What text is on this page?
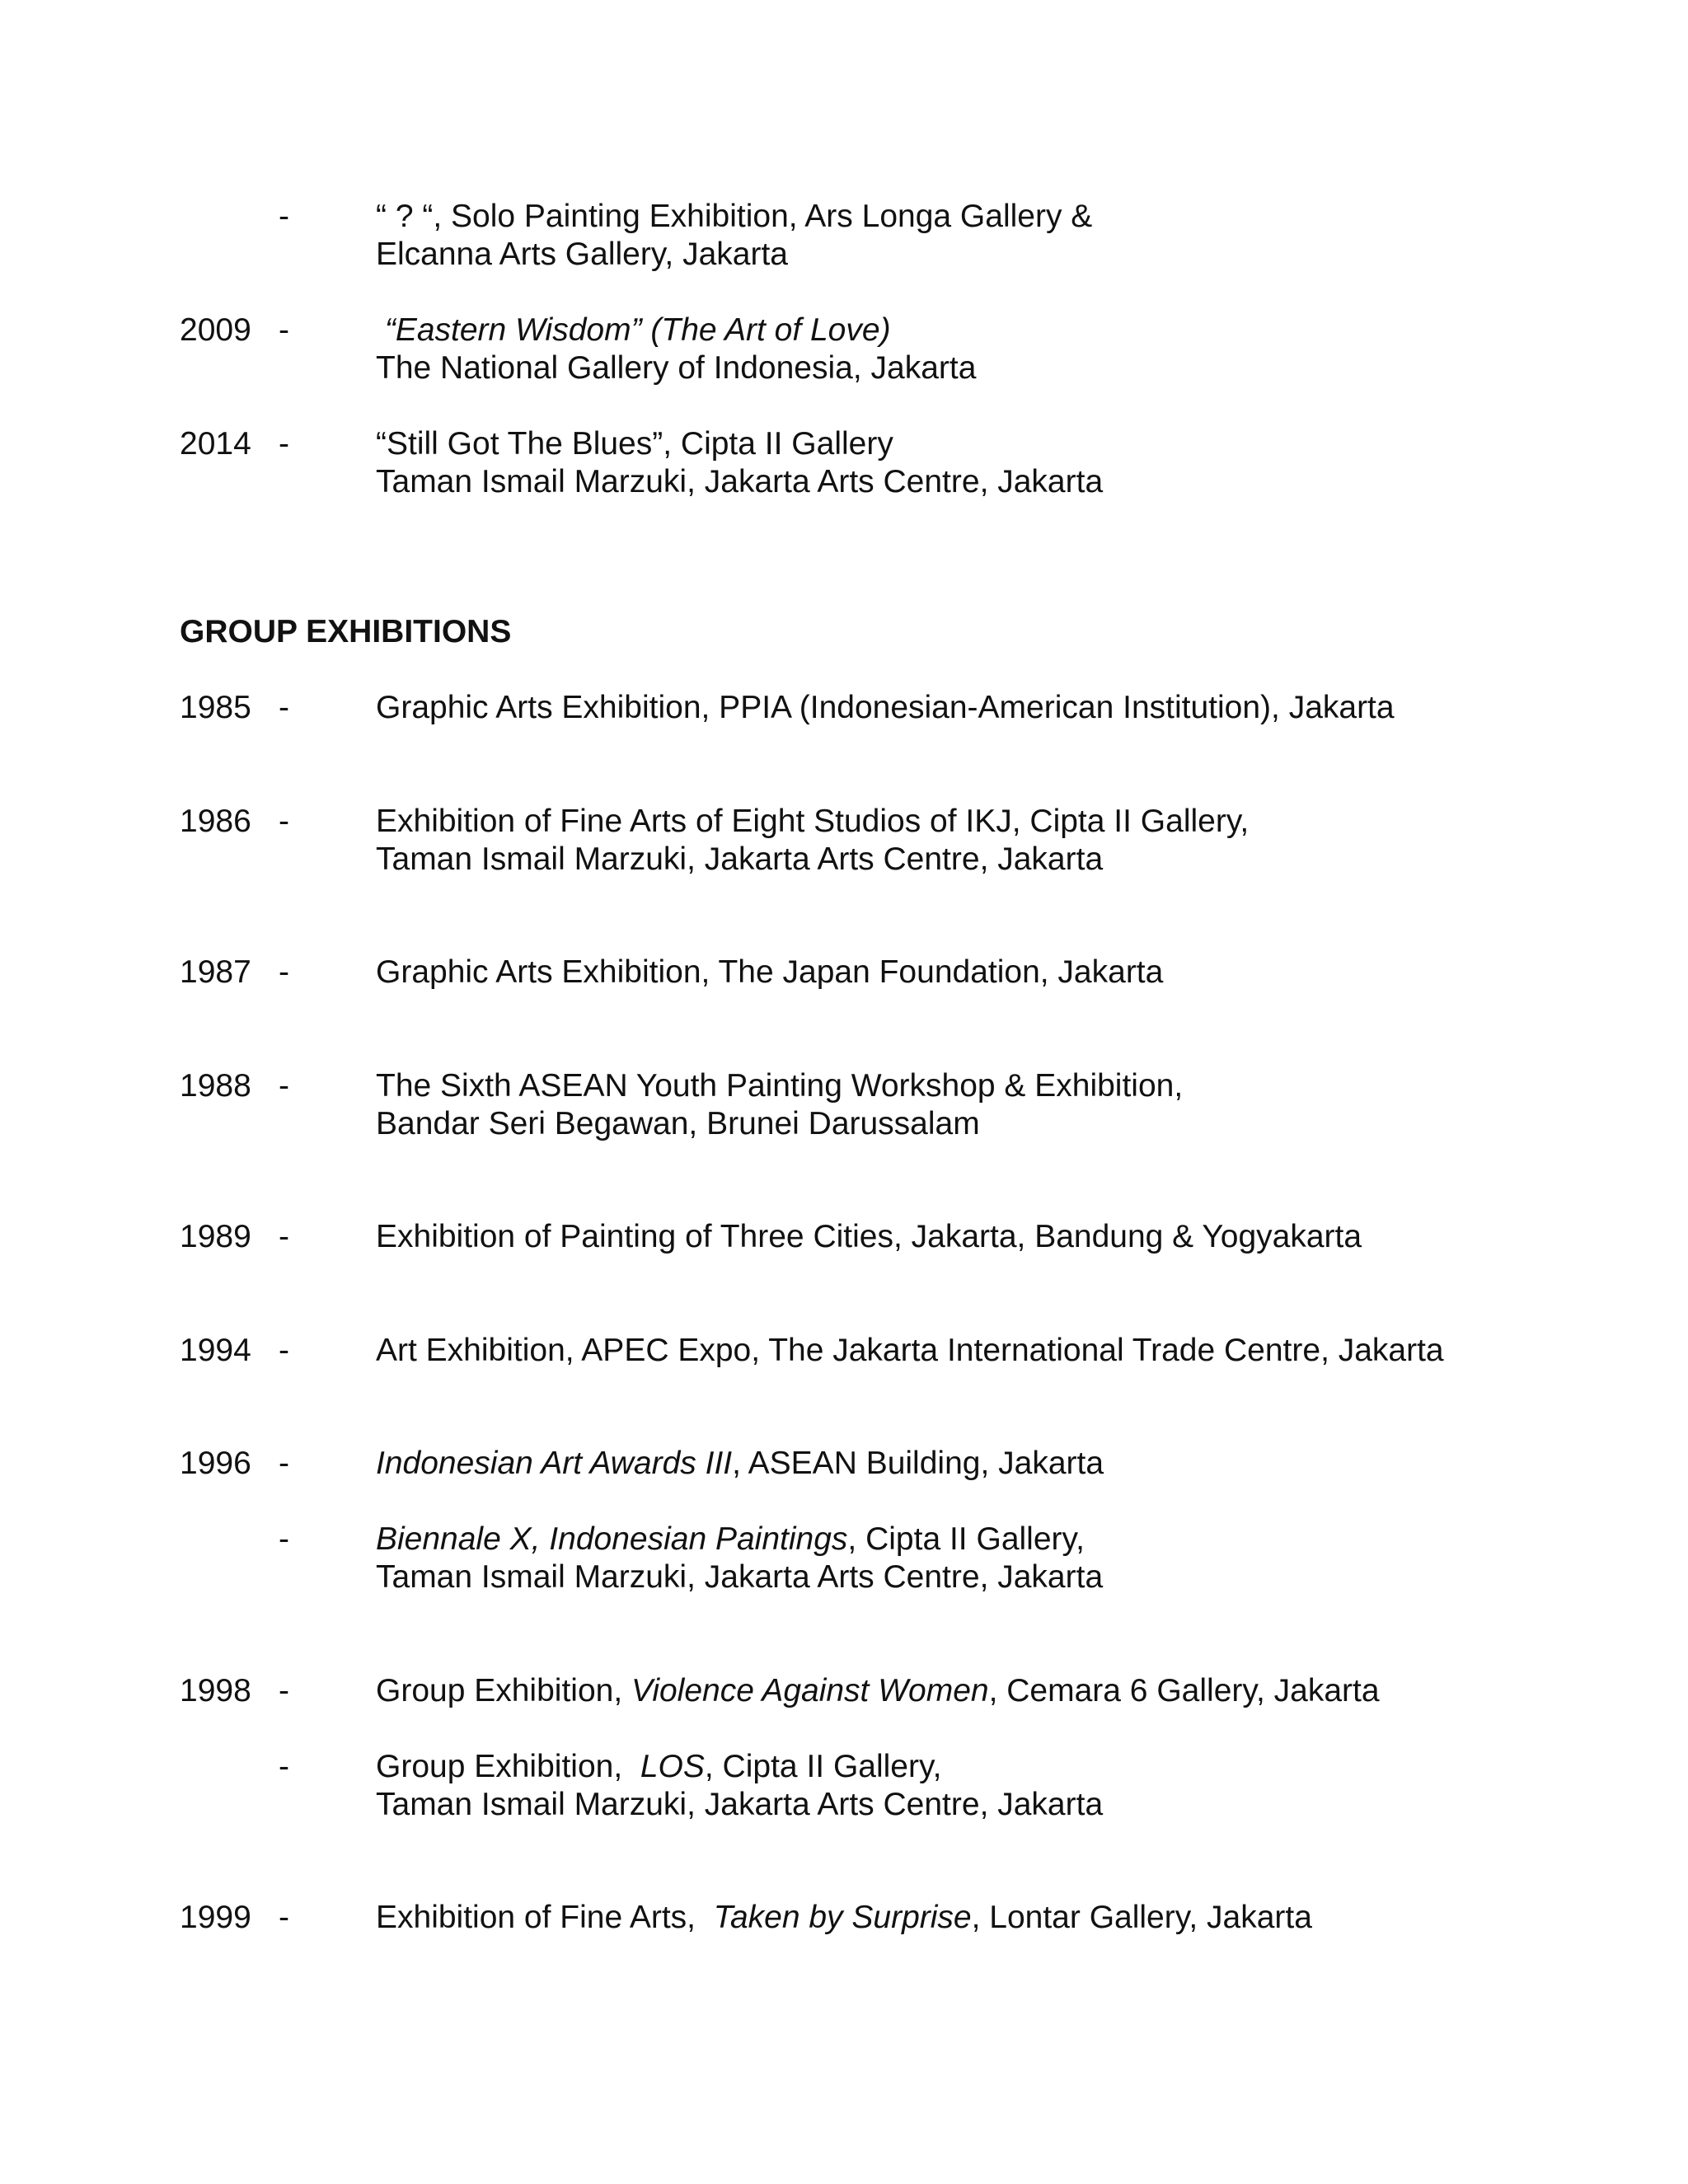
-	“ ? “, Solo Painting Exhibition, Ars Longa Gallery &
Elcanna Arts Gallery, Jakarta
2009 -	“Eastern Wisdom” (The Art of Love)
The National Gallery of Indonesia, Jakarta
2014 -	“Still Got The Blues”, Cipta II Gallery
Taman Ismail Marzuki, Jakarta Arts Centre, Jakarta
GROUP EXHIBITIONS
1985 -	Graphic Arts Exhibition, PPIA (Indonesian-American Institution), Jakarta
1986 -	Exhibition of Fine Arts of Eight Studios of IKJ, Cipta II Gallery,
Taman Ismail Marzuki, Jakarta Arts Centre, Jakarta
1987 -	Graphic Arts Exhibition, The Japan Foundation, Jakarta
1988 -	The Sixth ASEAN Youth Painting Workshop & Exhibition,
Bandar Seri Begawan, Brunei Darussalam
1989 -	Exhibition of Painting of Three Cities, Jakarta, Bandung & Yogyakarta
1994 -	Art Exhibition, APEC Expo, The Jakarta International Trade Centre, Jakarta
1996 -	Indonesian Art Awards III, ASEAN Building, Jakarta
-	Biennale X, Indonesian Paintings, Cipta II Gallery,
Taman Ismail Marzuki, Jakarta Arts Centre, Jakarta
1998 -	Group Exhibition, Violence Against Women, Cemara 6 Gallery, Jakarta
-	Group Exhibition,  LOS, Cipta II Gallery,
Taman Ismail Marzuki, Jakarta Arts Centre, Jakarta
1999 -	Exhibition of Fine Arts,  Taken by Surprise, Lontar Gallery, Jakarta
